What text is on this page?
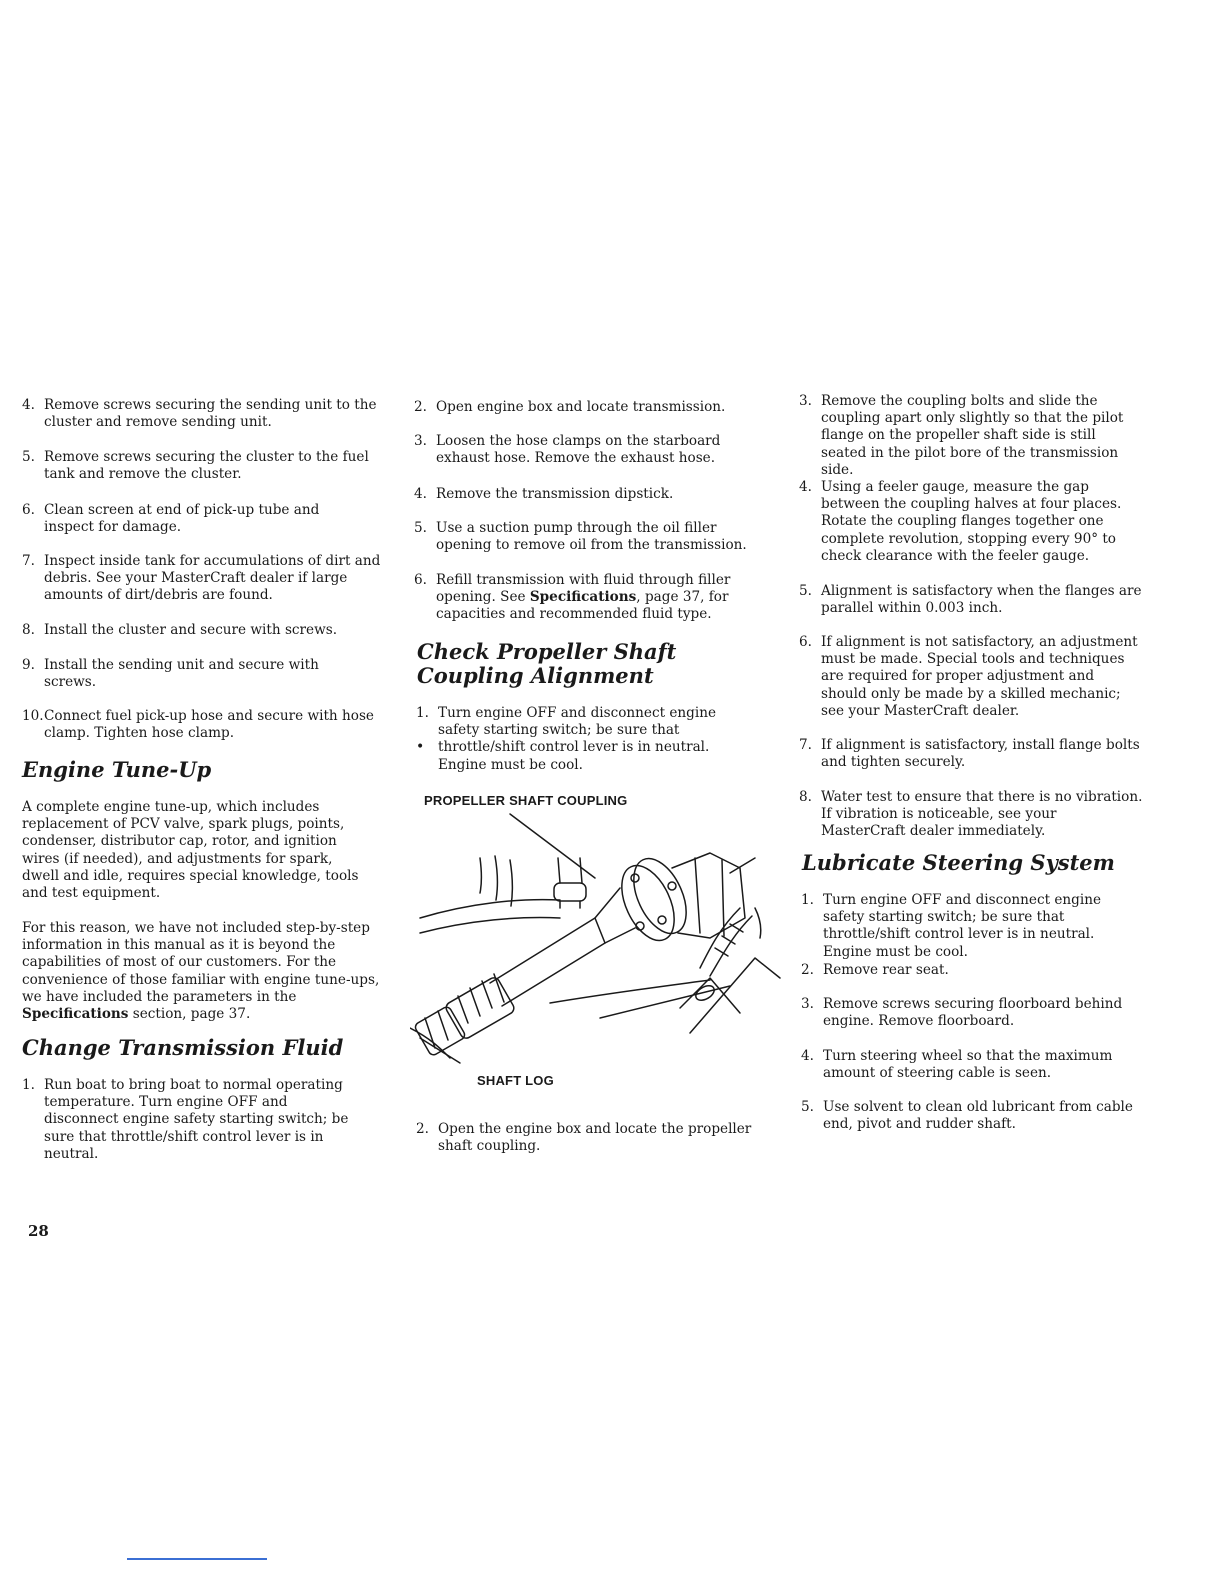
4. Remove screws securing the sending unit to the cluster and remove sending unit.
5. Remove screws securing the cluster to the fuel tank and remove the cluster.
6. Clean screen at end of pick-up tube and inspect for damage.
7. Inspect inside tank for accumulations of dirt and debris. See your MasterCraft dealer if large amounts of dirt/debris are found.
8. Install the cluster and secure with screws.
9. Install the sending unit and secure with screws.
10.Connect fuel pick-up hose and secure with hose clamp. Tighten hose clamp.
Engine Tune-Up
A complete engine tune-up, which includes replacement of PCV valve, spark plugs, points, condenser, distributor cap, rotor, and ignition wires (if needed), and adjustments for spark, dwell and idle, requires special knowledge, tools and test equipment.
For this reason, we have not included step-by-step information in this manual as it is beyond the capabilities of most of our customers. For the convenience of those familiar with engine tune-ups, we have included the parameters in the Specifications section, page 37.
Change Transmission Fluid
1. Run boat to bring boat to normal operating temperature. Turn engine OFF and disconnect engine safety starting switch; be sure that throttle/shift control lever is in neutral.
2. Open engine box and locate transmission.
3. Loosen the hose clamps on the starboard exhaust hose. Remove the exhaust hose.
4. Remove the transmission dipstick.
5. Use a suction pump through the oil filler opening to remove oil from the transmission.
6. Refill transmission with fluid through filler opening. See Specifications, page 37, for capacities and recommended fluid type.
Check Propeller Shaft
Coupling Alignment
1. Turn engine OFF and disconnect engine safety starting switch; be sure that throttle/shift control lever is in neutral. Engine must be cool.
•
PROPELLER SHAFT COUPLING
SHAFT LOG
2. Open the engine box and locate the propeller shaft coupling.
3. Remove the coupling bolts and slide the coupling apart only slightly so that the pilot flange on the propeller shaft side is still seated in the pilot bore of the transmission side.
4. Using a feeler gauge, measure the gap between the coupling halves at four places. Rotate the coupling flanges together one complete revolution, stopping every 90° to check clearance with the feeler gauge.
5. Alignment is satisfactory when the flanges are parallel within 0.003 inch.
6. If alignment is not satisfactory, an adjustment must be made. Special tools and techniques are required for proper adjustment and should only be made by a skilled mechanic; see your MasterCraft dealer.
7. If alignment is satisfactory, install flange bolts and tighten securely.
8. Water test to ensure that there is no vibration. If vibration is noticeable, see your MasterCraft dealer immediately.
Lubricate Steering System
1. Turn engine OFF and disconnect engine safety starting switch; be sure that throttle/shift control lever is in neutral. Engine must be cool.
2. Remove rear seat.
3. Remove screws securing floorboard behind engine. Remove floorboard.
4. Turn steering wheel so that the maximum amount of steering cable is seen.
5. Use solvent to clean old lubricant from cable end, pivot and rudder shaft.
28
